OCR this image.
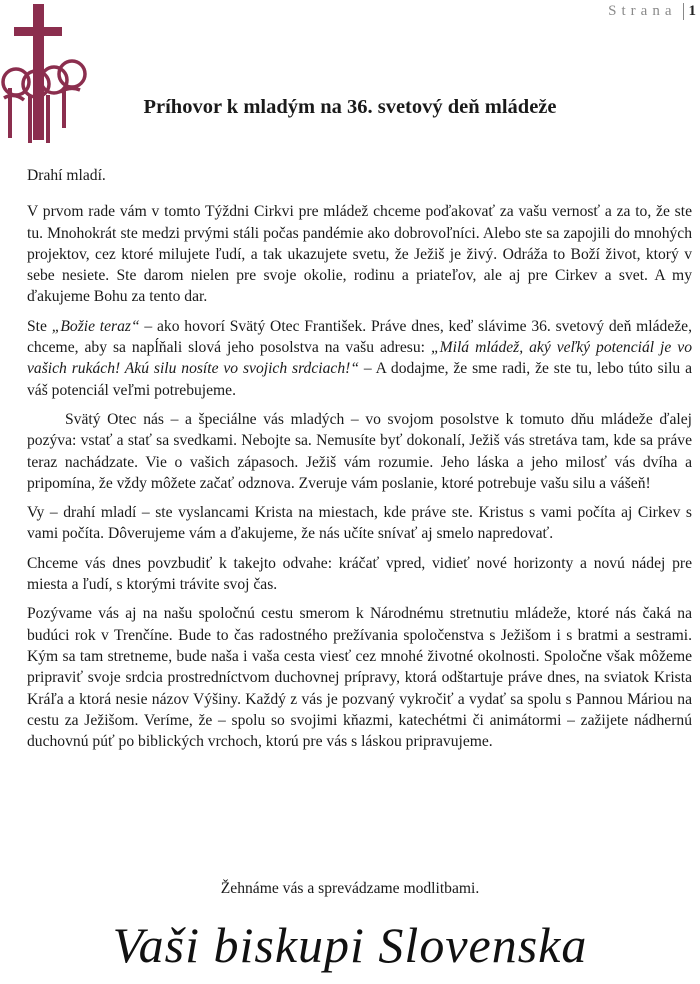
Strana 1
Príhovor k mladým na 36. svetový deň mládeže

Drahí mladí.

V prvom rade vám v tomto Týždni Cirkvi pre mládež chceme poďakovať za vašu vernosť a za to, že ste tu. Mnohokrát ste medzi prvými stáli počas pandémie ako dobrovoľníci. Alebo ste sa zapojili do mnohých projektov, cez ktoré milujete ľudí, a tak ukazujete svetu, že Ježiš je živý. Odráža to Boží život, ktorý v sebe nesiete. Ste darom nielen pre svoje okolie, rodinu a priateľov, ale aj pre Cirkev a svet. A my ďakujeme Bohu za tento dar.

Ste „Božie teraz“ – ako hovorí Svätý Otec František. Práve dnes, keď slávime 36. svetový deň mládeže, chceme, aby sa napĺňali slová jeho posolstva na vašu adresu: „Milá mládež, aký veľký potenciál je vo vašich rukách! Akú silu nosíte vo svojich srdciach!“ – A dodajme, že sme radi, že ste tu, lebo túto silu a váš potenciál veľmi potrebujeme.

Svätý Otec nás – a špeciálne vás mladých – vo svojom posolstve k tomuto dňu mládeže ďalej pozýva: vstať a stať sa svedkami. Nebojte sa. Nemusíte byť dokonalí, Ježiš vás stretáva tam, kde sa práve teraz nachádzate. Vie o vašich zápasoch. Ježiš vám rozumie. Jeho láska a jeho milosť vás dvíha a pripomína, že vždy môžete začať odznova. Zveruje vám poslanie, ktoré potrebuje vašu silu a vášeň!

Vy – drahí mladí – ste vyslancami Krista na miestach, kde práve ste. Kristus s vami počíta aj Cirkev s vami počíta. Dôverujeme vám a ďakujeme, že nás učíte snívať aj smelo napredovať.

Chceme vás dnes povzbudiť k takejto odvahe: kráčať vpred, vidieť nové horizonty a novú nádej pre miesta a ľudí, s ktorými trávite svoj čas.

Pozývame vás aj na našu spoločnú cestu smerom k Národnému stretnutiu mládeže, ktoré nás čaká na budúci rok v Trenčíne. Bude to čas radostného prežívania spoločenstva s Ježišom i s bratmi a sestrami. Kým sa tam stretneme, bude naša i vaša cesta viesť cez mnohé životné okolnosti. Spoločne však môžeme pripraviť svoje srdcia prostredníctvom duchovnej prípravy, ktorá odštartuje práve dnes, na sviatok Krista Kráľa a ktorá nesie názov Výšiny. Každý z vás je pozvaný vykročiť a vydať sa spolu s Pannou Máriou na cestu za Ježišom. Veríme, že – spolu so svojimi kňazmi, katechétmi či animátormi – zažijete nádhernú duchovnú púť po biblických vrchoch, ktorú pre vás s láskou pripravujeme.

Žehnáme vás a sprevádzame modlitbami.
Vaši biskupi Slovenska
